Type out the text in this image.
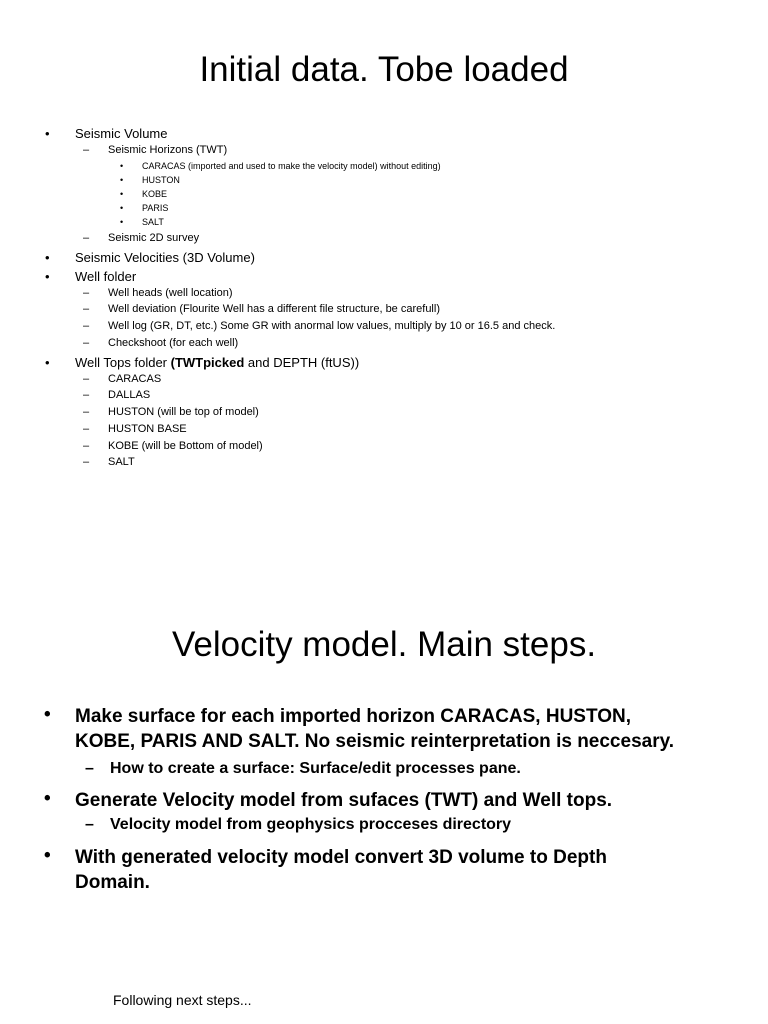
Initial data. Tobe loaded
• Seismic Volume
– Seismic Horizons (TWT)
• CARACAS (imported and used to make the velocity model) without editing)
• HUSTON
• KOBE
• PARIS
• SALT
– Seismic 2D survey
• Seismic Velocities (3D Volume)
• Well folder
– Well heads (well location)
– Well deviation (Flourite Well has a different file structure, be carefull)
– Well log (GR, DT, etc.) Some GR with anormal low values, multiply by 10 or 16.5 and check.
– Checkshoot (for each well)
• Well Tops folder (TWTpicked and DEPTH (ftUS))
– CARACAS
– DALLAS
– HUSTON (will be top of model)
– HUSTON BASE
– KOBE (will be Bottom of model)
– SALT
Velocity model. Main steps.
• Make surface for each imported horizon CARACAS, HUSTON,
KOBE, PARIS AND SALT. No seismic reinterpretation is neccesary.
– How to create a surface: Surface/edit processes pane.
• Generate Velocity model from sufaces (TWT) and Well tops.
– Velocity model from geophysics procceses directory
• With generated velocity model convert 3D volume to Depth
Domain.
Following next steps...
